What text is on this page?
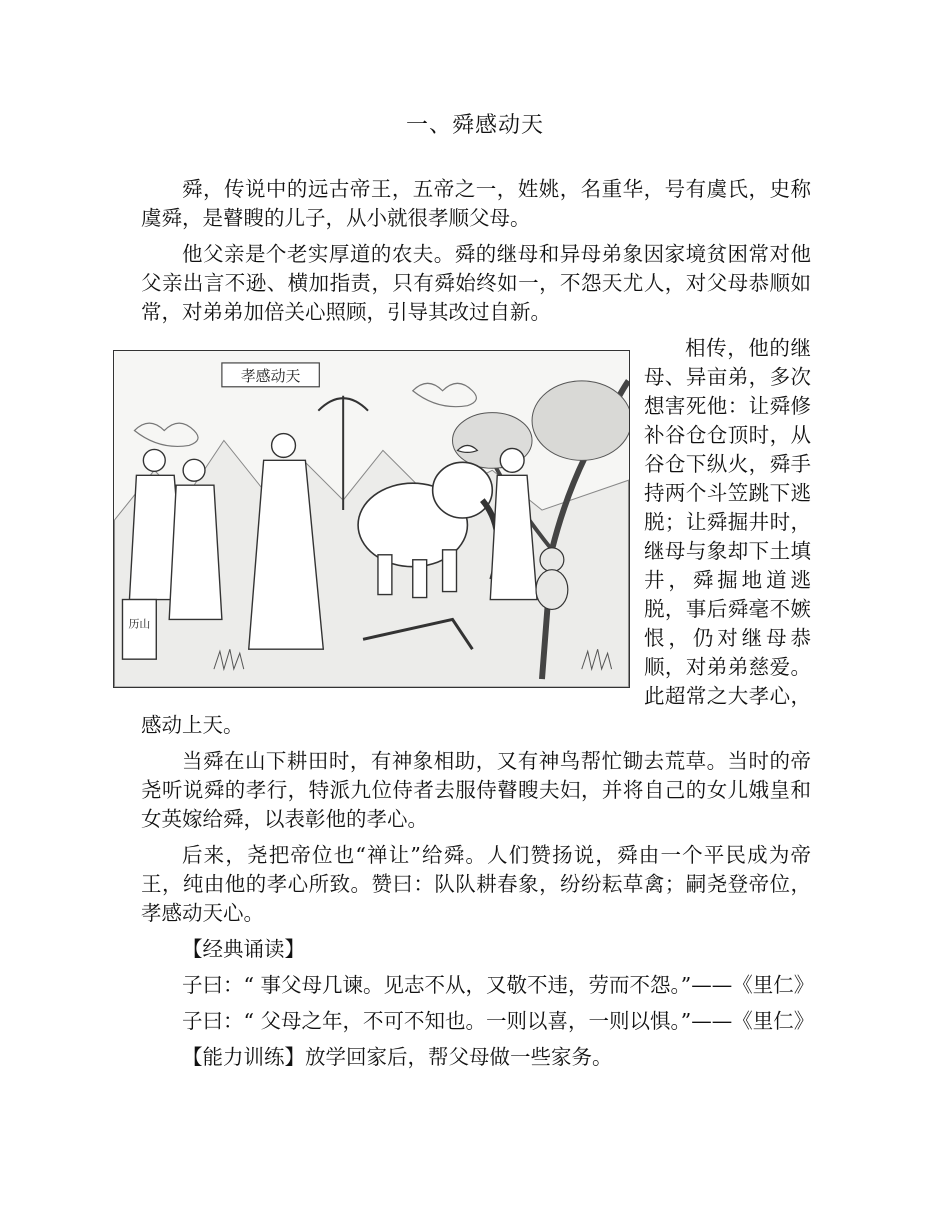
一、舜感动天

舜，传说中的远古帝王，五帝之一，姓姚，名重华，号有虞氏，史称虞舜，是瞽瞍的儿子，从小就很孝顺父母。

他父亲是个老实厚道的农夫。舜的继母和异母弟象因家境贫困常对他父亲出言不逊、横加指责，只有舜始终如一，不怨天尤人，对父母恭顺如常，对弟弟加倍关心照顾，引导其改过自新。

孝感动天
历山

相传，他的继母、异亩弟，多次想害死他：让舜修补谷仓仓顶时，从谷仓下纵火，舜手持两个斗笠跳下逃脱；让舜掘井时，继母与象却下土填井，舜掘地道逃脱，事后舜毫不嫉恨，仍对继母恭顺，对弟弟慈爱。此超常之大孝心，感动上天。

当舜在山下耕田时，有神象相助，又有神鸟帮忙锄去荒草。当时的帝尧听说舜的孝行，特派九位侍者去服侍瞽瞍夫妇，并将自己的女儿娥皇和女英嫁给舜，以表彰他的孝心。

后来，尧把帝位也“禅让”给舜。人们赞扬说，舜由一个平民成为帝王，纯由他的孝心所致。赞曰：队队耕春象，纷纷耘草禽；嗣尧登帝位，孝感动天心。

【经典诵读】

子曰：“ 事父母几谏。见志不从，又敬不违，劳而不怨。”——《里仁》

子曰：“ 父母之年，不可不知也。一则以喜，一则以惧。”——《里仁》

【能力训练】放学回家后，帮父母做一些家务。
